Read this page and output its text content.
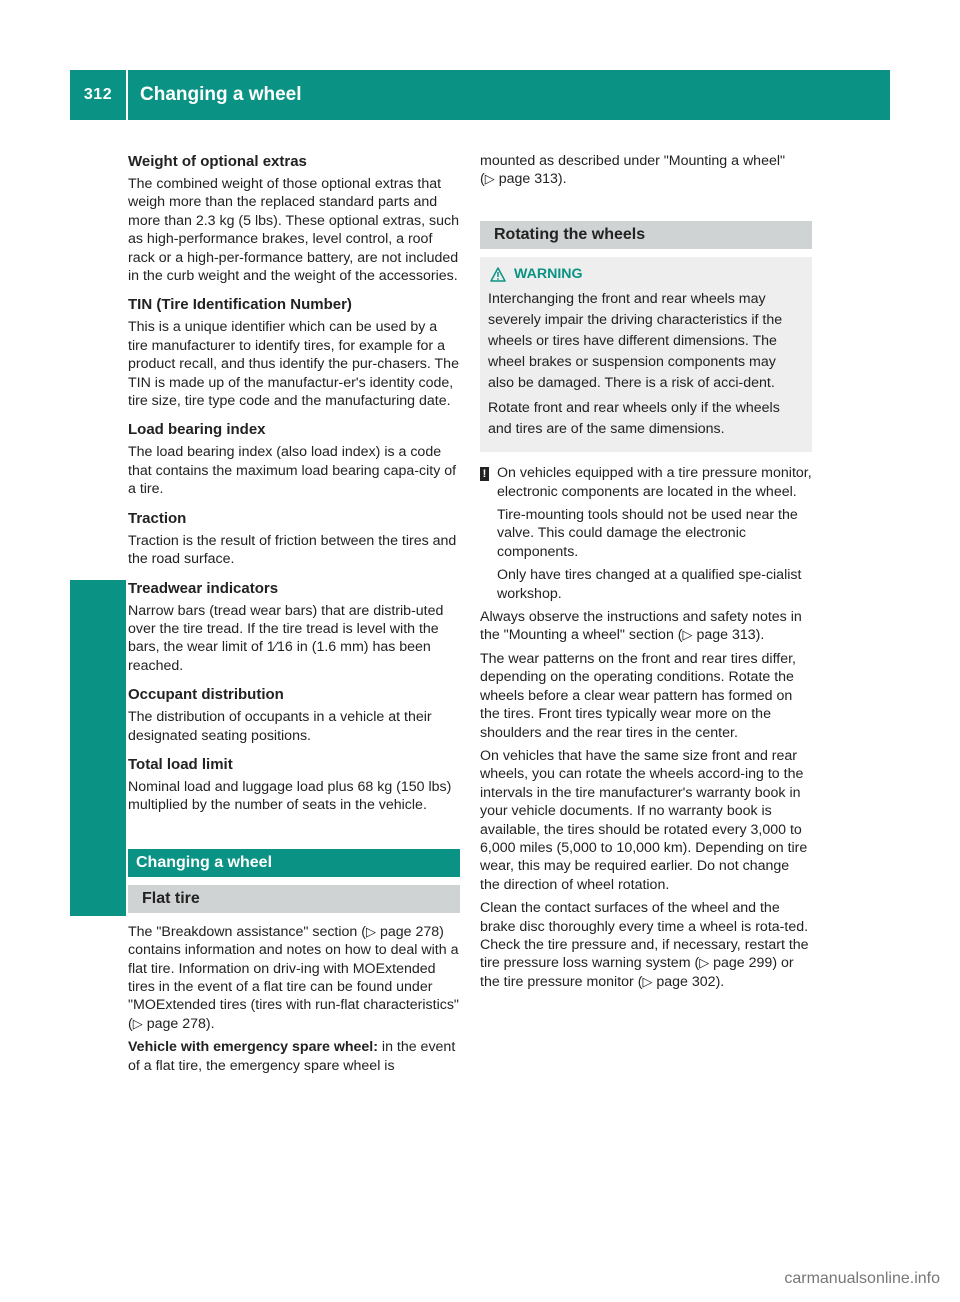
312	Changing a wheel
Wheels and tires
Weight of optional extras

The combined weight of those optional extras that weigh more than the replaced standard parts and more than 2.3 kg (5 lbs). These optional extras, such as high-performance brakes, level control, a roof rack or a high-per-formance battery, are not included in the curb weight and the weight of the accessories.

TIN (Tire Identification Number)

This is a unique identifier which can be used by a tire manufacturer to identify tires, for example for a product recall, and thus identify the pur-chasers. The TIN is made up of the manufactur-er's identity code, tire size, tire type code and the manufacturing date.

Load bearing index

The load bearing index (also load index) is a code that contains the maximum load bearing capa-city of a tire.

Traction

Traction is the result of friction between the tires and the road surface.

Treadwear indicators

Narrow bars (tread wear bars) that are distrib-uted over the tire tread. If the tire tread is level with the bars, the wear limit of 1⁄16 in (1.6 mm) has been reached.

Occupant distribution

The distribution of occupants in a vehicle at their designated seating positions.

Total load limit

Nominal load and luggage load plus 68 kg (150 lbs) multiplied by the number of seats in the vehicle.

Changing a wheel
Flat tire

The "Breakdown assistance" section (▷ page 278) contains information and notes on how to deal with a flat tire. Information on driv-ing with MOExtended tires in the event of a flat tire can be found under "MOExtended tires (tires with run-flat characteristics" (▷ page 278).

Vehicle with emergency spare wheel: in the event of a flat tire, the emergency spare wheel is

mounted as described under "Mounting a wheel" (▷ page 313).

Rotating the wheels
WARNING

Interchanging the front and rear wheels may severely impair the driving characteristics if the wheels or tires have different dimensions. The wheel brakes or suspension components may also be damaged. There is a risk of acci-dent.

Rotate front and rear wheels only if the wheels and tires are of the same dimensions.

! On vehicles equipped with a tire pressure monitor, electronic components are located in the wheel.

Tire-mounting tools should not be used near the valve. This could damage the electronic components.

Only have tires changed at a qualified spe-cialist workshop.

Always observe the instructions and safety notes in the "Mounting a wheel" section (▷ page 313).

The wear patterns on the front and rear tires differ, depending on the operating conditions. Rotate the wheels before a clear wear pattern has formed on the tires. Front tires typically wear more on the shoulders and the rear tires in the center.

On vehicles that have the same size front and rear wheels, you can rotate the wheels accord-ing to the intervals in the tire manufacturer's warranty book in your vehicle documents. If no warranty book is available, the tires should be rotated every 3,000 to 6,000 miles (5,000 to 10,000 km). Depending on tire wear, this may be required earlier. Do not change the direction of wheel rotation.

Clean the contact surfaces of the wheel and the brake disc thoroughly every time a wheel is rota-ted. Check the tire pressure and, if necessary, restart the tire pressure loss warning system (▷ page 299) or the tire pressure monitor (▷ page 302).

carmanualsonline.info
